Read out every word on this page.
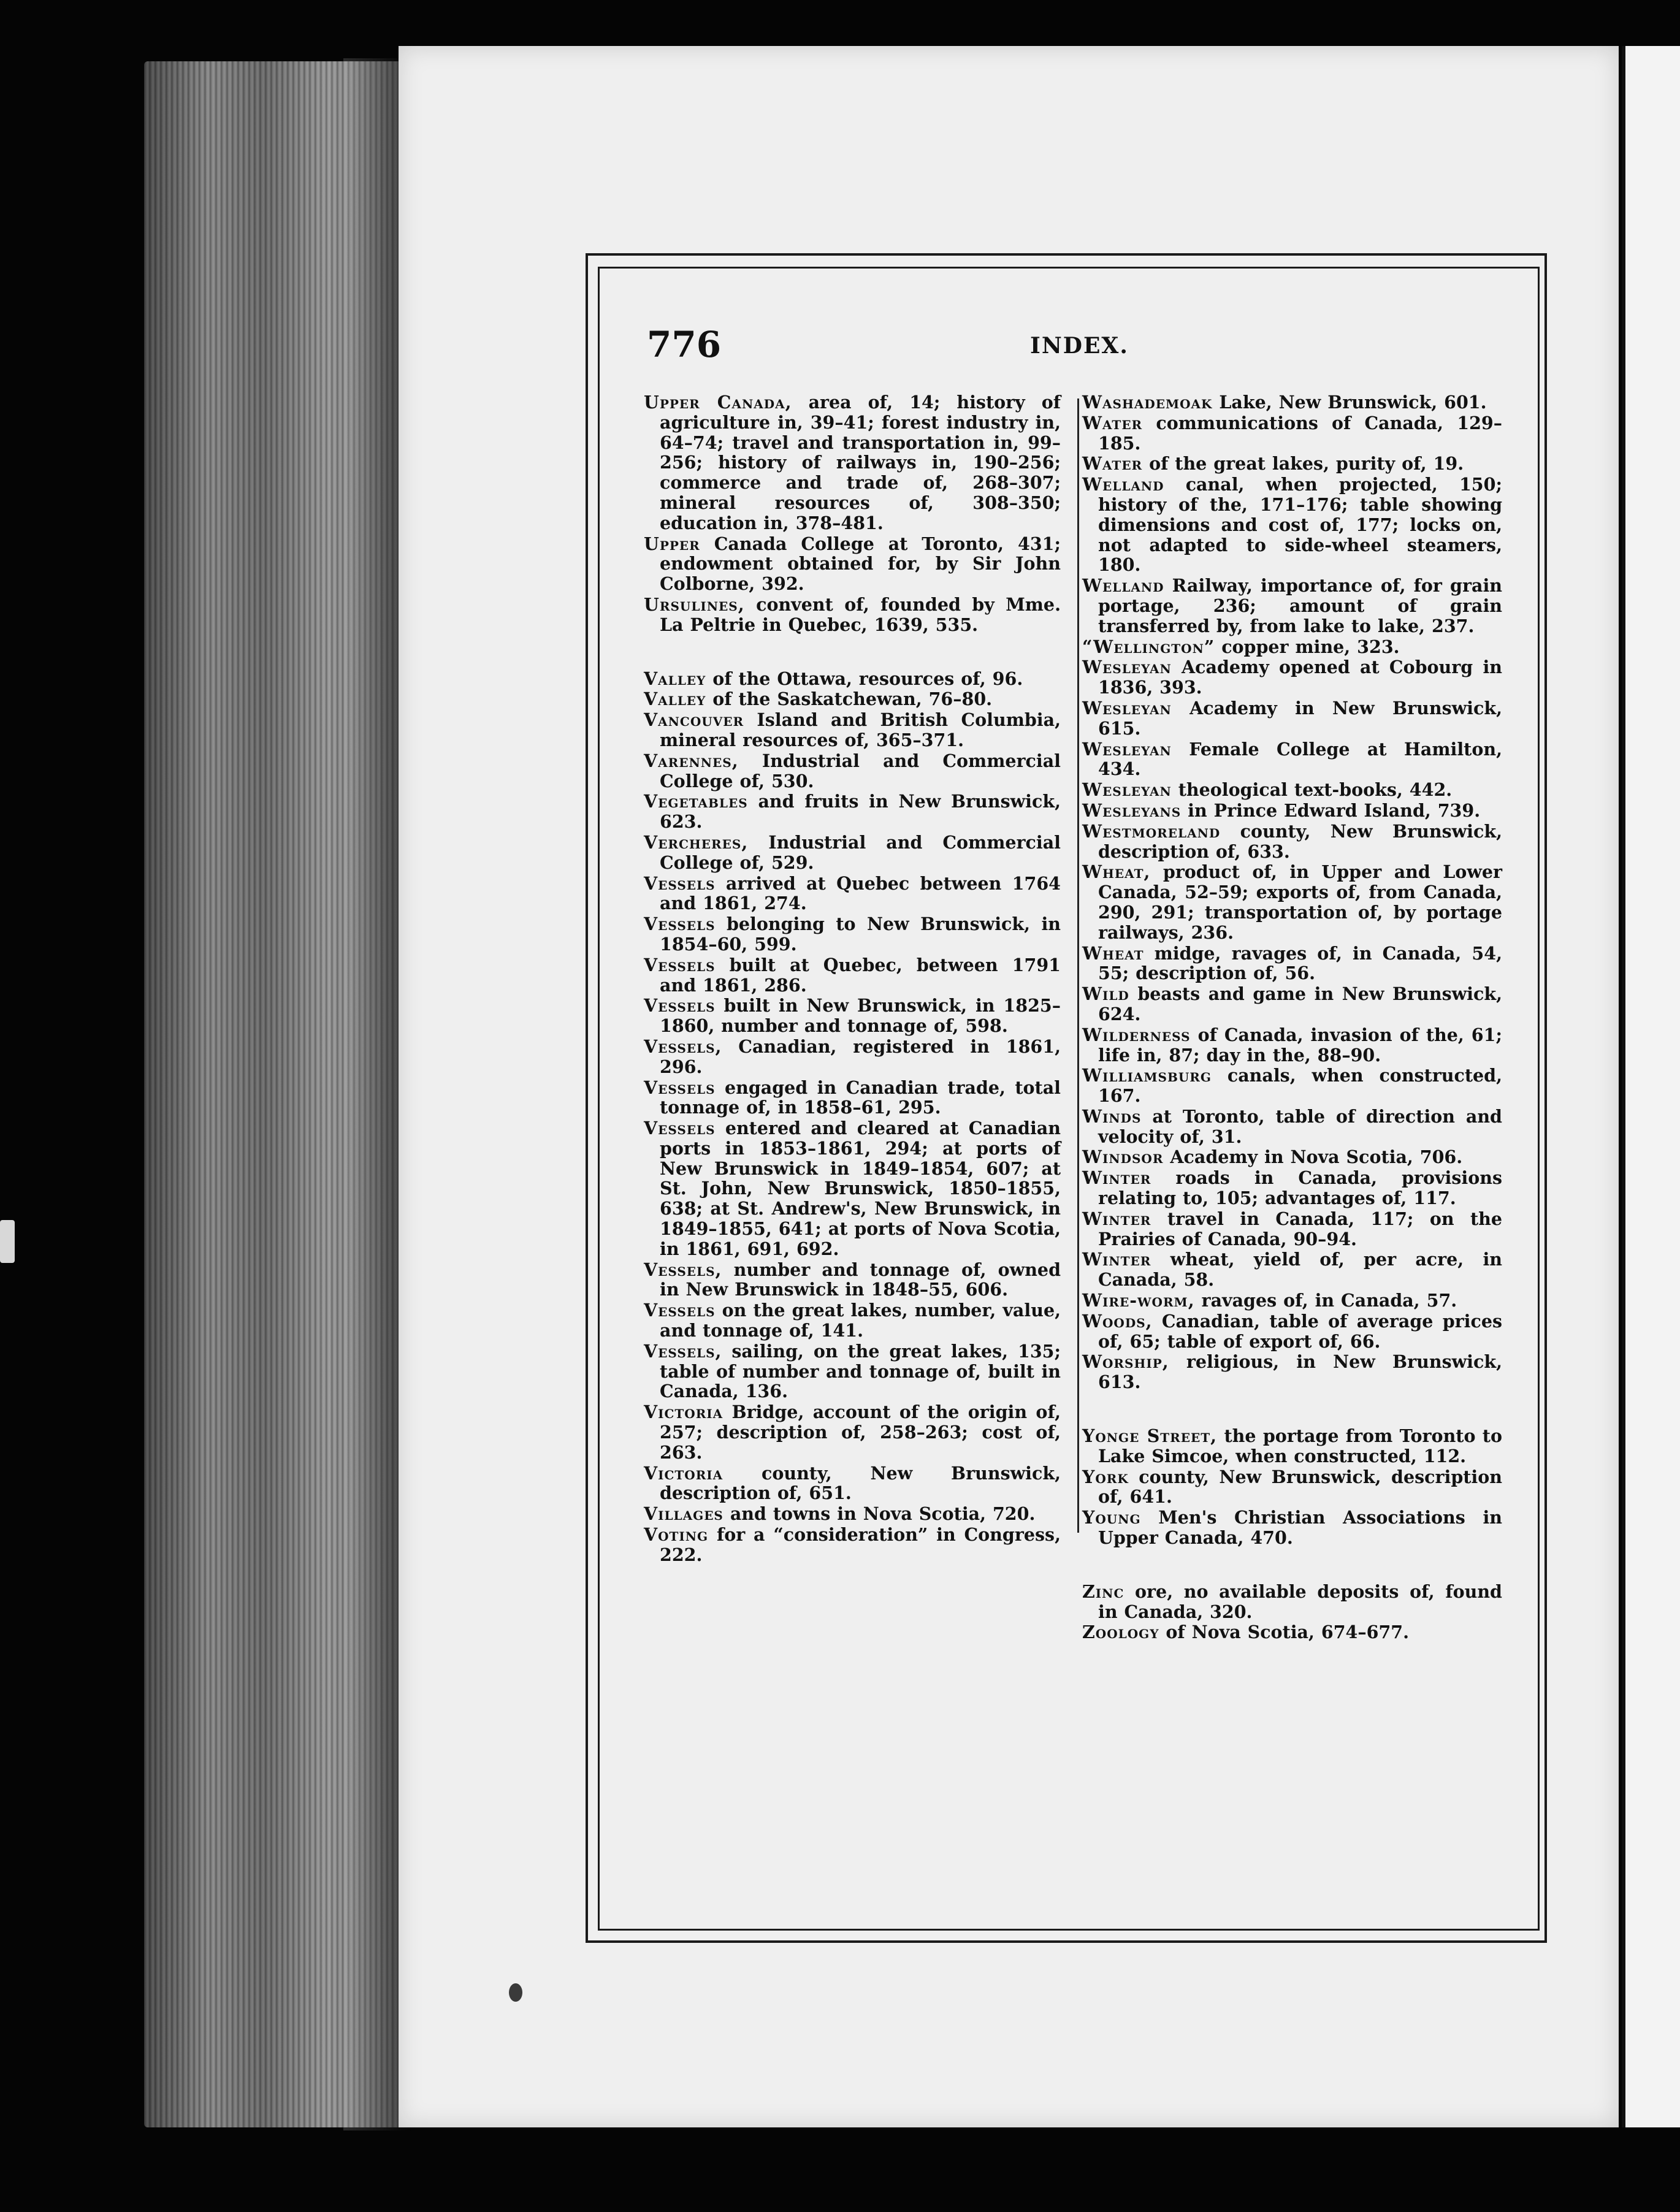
776	INDEX.
Upper Canada, area of, 14; history of agriculture in, 39–41; forest industry in, 64–74; travel and transportation in, 99–256; history of railways in, 190–256; commerce and trade of, 268–307; mineral resources of, 308–350; education in, 378–481.
Upper Canada College at Toronto, 431; endowment obtained for, by Sir John Colborne, 392.
Ursulines, convent of, founded by Mme. La Peltrie in Quebec, 1639, 535.
Valley of the Ottawa, resources of, 96.
Valley of the Saskatchewan, 76–80.
Vancouver Island and British Columbia, mineral resources of, 365–371.
Varennes, Industrial and Commercial College of, 530.
Vegetables and fruits in New Brunswick, 623.
Vercheres, Industrial and Commercial College of, 529.
Vessels arrived at Quebec between 1764 and 1861, 274.
Vessels belonging to New Brunswick, in 1854–60, 599.
Vessels built at Quebec, between 1791 and 1861, 286.
Vessels built in New Brunswick, in 1825–1860, number and tonnage of, 598.
Vessels, Canadian, registered in 1861, 296.
Vessels engaged in Canadian trade, total tonnage of, in 1858–61, 295.
Vessels entered and cleared at Canadian ports in 1853–1861, 294; at ports of New Brunswick in 1849–1854, 607; at St. John, New Brunswick, 1850–1855, 638; at St. Andrew's, New Brunswick, in 1849–1855, 641; at ports of Nova Scotia, in 1861, 691, 692.
Vessels, number and tonnage of, owned in New Brunswick in 1848–55, 606.
Vessels on the great lakes, number, value, and tonnage of, 141.
Vessels, sailing, on the great lakes, 135; table of number and tonnage of, built in Canada, 136.
Victoria Bridge, account of the origin of, 257; description of, 258–263; cost of, 263.
Victoria county, New Brunswick, description of, 651.
Villages and towns in Nova Scotia, 720.
Voting for a “consideration” in Congress, 222.
Washademoak Lake, New Brunswick, 601.
Water communications of Canada, 129–185.
Water of the great lakes, purity of, 19.
Welland canal, when projected, 150; history of the, 171–176; table showing dimensions and cost of, 177; locks on, not adapted to side-wheel steamers, 180.
Welland Railway, importance of, for grain portage, 236; amount of grain transferred by, from lake to lake, 237.
“Wellington” copper mine, 323.
Wesleyan Academy opened at Cobourg in 1836, 393.
Wesleyan Academy in New Brunswick, 615.
Wesleyan Female College at Hamilton, 434.
Wesleyan theological text-books, 442.
Wesleyans in Prince Edward Island, 739.
Westmoreland county, New Brunswick, description of, 633.
Wheat, product of, in Upper and Lower Canada, 52–59; exports of, from Canada, 290, 291; transportation of, by portage railways, 236.
Wheat midge, ravages of, in Canada, 54, 55; description of, 56.
Wild beasts and game in New Brunswick, 624.
Wilderness of Canada, invasion of the, 61; life in, 87; day in the, 88–90.
Williamsburg canals, when constructed, 167.
Winds at Toronto, table of direction and velocity of, 31.
Windsor Academy in Nova Scotia, 706.
Winter roads in Canada, provisions relating to, 105; advantages of, 117.
Winter travel in Canada, 117; on the Prairies of Canada, 90–94.
Winter wheat, yield of, per acre, in Canada, 58.
Wire-worm, ravages of, in Canada, 57.
Woods, Canadian, table of average prices of, 65; table of export of, 66.
Worship, religious, in New Brunswick, 613.
Yonge Street, the portage from Toronto to Lake Simcoe, when constructed, 112.
York county, New Brunswick, description of, 641.
Young Men's Christian Associations in Upper Canada, 470.
Zinc ore, no available deposits of, found in Canada, 320.
Zoology of Nova Scotia, 674–677.
